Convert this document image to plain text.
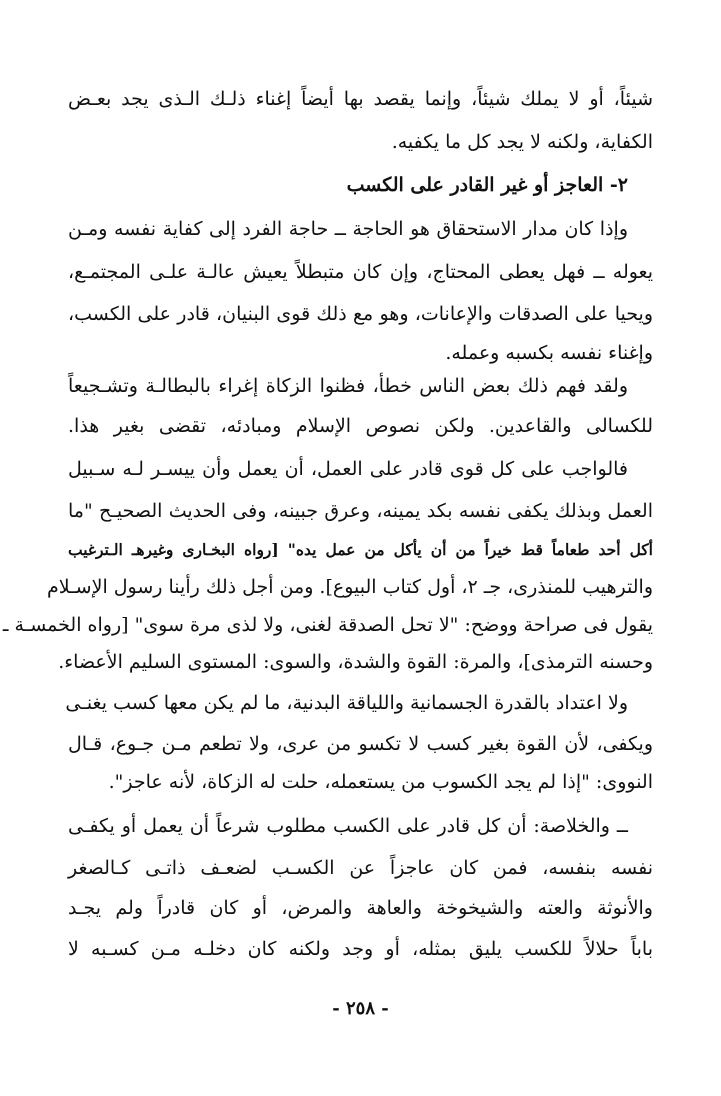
شيئاً، أو لا يملك شيئاً، وإنما يقصد بها أيضاً إغناء ذلـك الـذى يجد بعـض
الكفاية، ولكنه لا يجد كل ما يكفيه.
٢- العاجز أو غير القادر على الكسب
وإذا كان مدار الاستحقاق هو الحاجة ــ حاجة الفرد إلى كفاية نفسه ومـن
يعوله ــ فهل يعطى المحتاج، وإن كان متبطلاً يعيش عالـة علـى المجتمـع،
ويحيا على الصدقات والإعانات، وهو مع ذلك قوى البنيان، قادر على الكسب،
وإغناء نفسه بكسبه وعمله.
ولقد فهم ذلك بعض الناس خطأ، فظنوا الزكاة إغراء بالبطالـة وتشـجيعاً
للكسالى والقاعدين. ولكن نصوص الإسلام ومبادئه، تقضى بغير هذا.
فالواجب على كل قوى قادر على العمل، أن يعمل وأن ييسـر لـه سـبيل
العمل وبذلك يكفى نفسه بكد يمينه، وعرق جبينه، وفى الحديث الصحيـح "ما
أكل أحد طعاماً قط خيراً من أن يأكل من عمل يده" [رواه البخـارى وغيرهـ الـترغيب
والترهيب للمنذرى، جـ ٢، أول كتاب البيوع]. ومن أجل ذلك رأينا رسول الإسـلام
يقول فى صراحة ووضح: "لا تحل الصدقة لغنى، ولا لذى مرة سوى" [رواه الخمسـة ـ
وحسنه الترمذى]، والمرة: القوة والشدة، والسوى: المستوى السليم الأعضاء.
ولا اعتداد بالقدرة الجسمانية واللياقة البدنية، ما لم يكن معها كسب يغنـى
ويكفى، لأن القوة بغير كسب لا تكسو من عرى، ولا تطعم مـن جـوع، قـال
النووى: "إذا لم يجد الكسوب من يستعمله، حلت له الزكاة، لأنه عاجز".
ــ والخلاصة: أن كل قادر على الكسب مطلوب شرعاً أن يعمل أو يكفـى
نفسه بنفسه، فمن كان عاجزاً عن الكسـب لضعـف ذاتـى كـالصغر
والأنوثة والعته والشيخوخة والعاهة والمرض، أو كان قادراً ولم يجـد
باباً حلالاً للكسب يليق بمثله، أو وجد ولكنه كان دخلـه مـن كسـبه لا
- ٢٥٨ -
